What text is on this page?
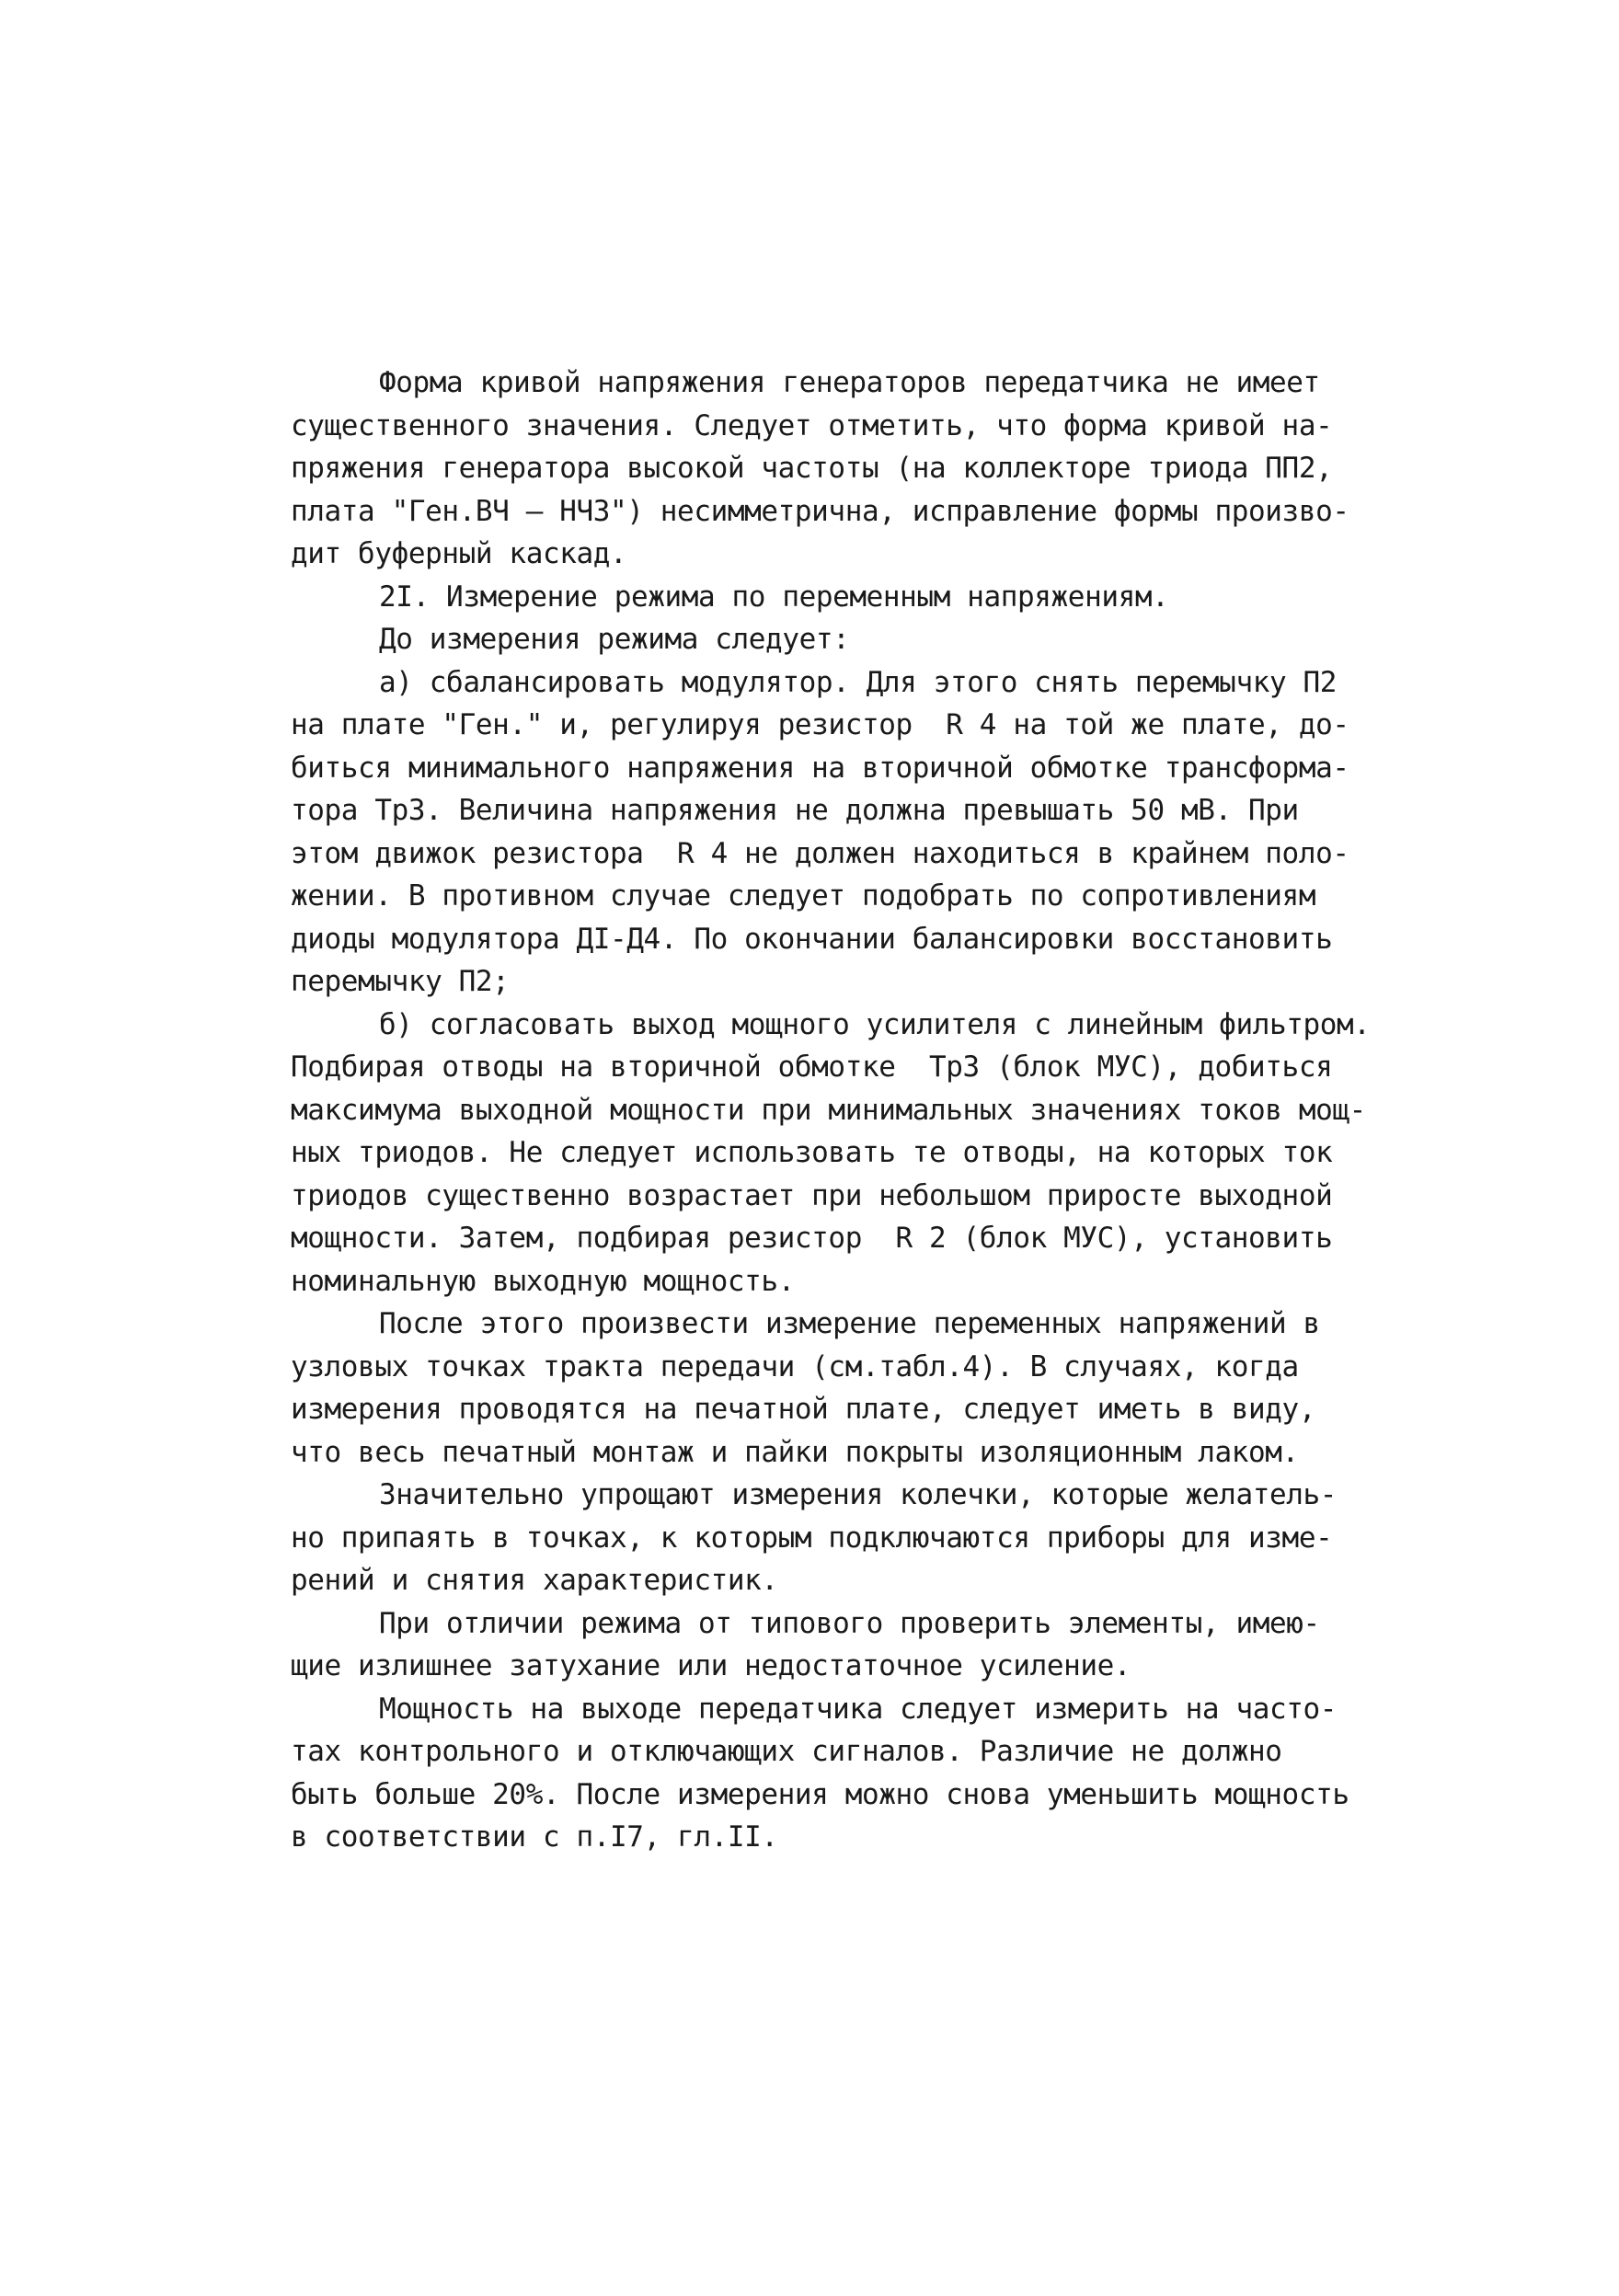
Форма кривой напряжения генераторов передатчика не имеет
существенного значения. Следует отметить, что форма кривой на-
пряжения генератора высокой частоты (на коллекторе триода ПП2,
плата "Ген.ВЧ – НЧЗ") несимметрична, исправление формы произво-
дит буферный каскад.
2I. Измерение режима по переменным напряжениям.
До измерения режима следует:
а) сбалансировать модулятор. Для этого снять перемычку П2
на плате "Ген." и, регулируя резистор  R 4 на той же плате, до-
биться минимального напряжения на вторичной обмотке трансформа-
тора Тр3. Величина напряжения не должна превышать 50 мВ. При
этом движок резистора  R 4 не должен находиться в крайнем поло-
жении. В противном случае следует подобрать по сопротивлениям
диоды модулятора ДI-Д4. По окончании балансировки восстановить
перемычку П2;
б) согласовать выход мощного усилителя с линейным фильтром.
Подбирая отводы на вторичной обмотке  Тр3 (блок МУС), добиться
максимума выходной мощности при минимальных значениях токов мощ-
ных триодов. Не следует использовать те отводы, на которых ток
триодов существенно возрастает при небольшом приросте выходной
мощности. Затем, подбирая резистор  R 2 (блок МУС), установить
номинальную выходную мощность.
После этого произвести измерение переменных напряжений в
узловых точках тракта передачи (см.табл.4). В случаях, когда
измерения проводятся на печатной плате, следует иметь в виду,
что весь печатный монтаж и пайки покрыты изоляционным лаком.
Значительно упрощают измерения колечки, которые желатель-
но припаять в точках, к которым подключаются приборы для изме-
рений и снятия характеристик.
При отличии режима от типового проверить элементы, имею-
щие излишнее затухание или недостаточное усиление.
Мощность на выходе передатчика следует измерить на часто-
тах контрольного и отключающих сигналов. Различие не должно
быть больше 20%. После измерения можно снова уменьшить мощность
в соответствии с п.I7, гл.II.
